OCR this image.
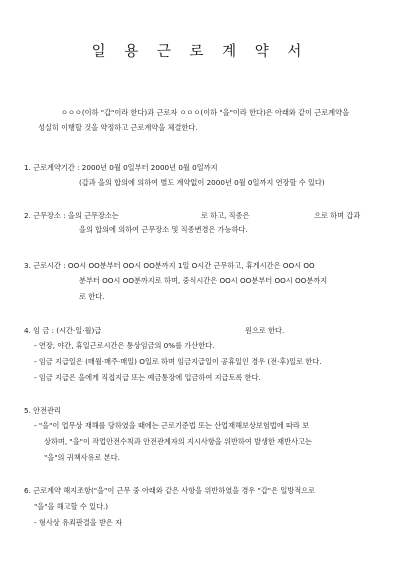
일 용 근 로 계 약 서
ㅇㅇㅇ(이하 "갑"이라 한다)과 근로자 ㅇㅇㅇ(이하 "을"이라 한다)은 아래와 같이 근로계약을
성실히 이행할 것을 약정하고 근로계약을 체결한다.
1. 근로계약기간 : 2000년 0월 0일부터 2000년 0월 0일까지
(갑과 을의 합의에 의하여 별도 계약없이 2000년 0월 0일까지 연장할 수 있다)
2. 근무장소 : 을의 근무장소는	로 하고, 직종은	으로 하며 갑과
을의 합의에 의하여 근무장소 및 직종변경은 가능하다.
3. 근로시간 : OO시 OO분부터 OO시 OO분까지 1일 O시간 근무하고, 휴게시간은 OO시 OO
분부터 OO시 OO분까지로 하며, 중식시간은 OO시 OO분부터 OO시 OO분까지
로 한다.
4. 임 금 : (시간·일·월)급	원으로 한다.
- 연장, 야간, 휴일근로시간은 통상임금의 0%를 가산한다.
- 임금 지급일은 (매월·매주·매일) O일로 하며 임금지급일이 공휴일인 경우 (전·후)일로 한다.
- 임금 지급은 을에게 직접지급 또는 예금통장에 입금하여 지급토록 한다.
5. 안전관리
- "을"이 업무상 재해를 당하였을 때에는 근로기준법 또는 산업재해보상보험법에 따라 보
상하며, "을"이 작업안전수칙과 안전관계자의 지시사항을 위반하여 발생한 재반사고는
"을"의 귀책사유로 본다.
6. 근로계약 해지조항("을"이 근무 중 아래와 같은 사항을 위반하였을 경우 "갑"은 일방적으로
"을"을 해고할 수 있다.)
- 형사상 유죄판결을 받은 자
